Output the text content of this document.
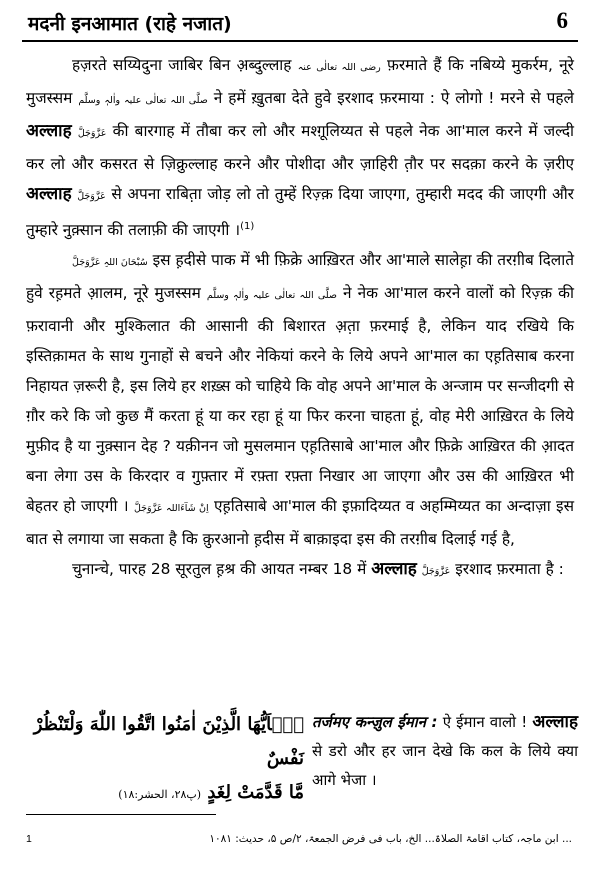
मदनी इनआमात (राहे नजात)	6

हज़रते सय्यिदुना जाबिर बिन अ़ब्दुल्लाह رضی اللہ تعالٰی عنہ फ़रमाते हैं कि नबिय्ये मुकर्रम, नूरे मुजस्सम صلَّی اللہ تعالٰی علیہ واٰلہٖ وسلَّم ने हमें ख़ुतबा देते हुवे इरशाद फ़रमाया : ऐ लोगो ! मरने से पहले अल्लाह عَزَّوَجَلَّ की बारगाह में तौबा कर लो और मश्ग़ूलिय्यत से पहले नेक आ'माल करने में जल्दी कर लो और कसरत से ज़िक्रुल्लाह करने और पोशीदा और ज़ाहिरी त़ौर पर सदक़ा करने के ज़रीए अल्लाह عَزَّوَجَلَّ से अपना राबित़ा जोड़ लो तो तुम्हें रिज़्क़ दिया जाएगा, तुम्हारी मदद की जाएगी और तुम्हारे नुक़्सान की तलाफ़ी की जाएगी ।$^{(1)}$

سُبْحَانَ اللہِ عَزَّوَجَلَّ इस ह़दीसे पाक में भी फ़िक्रे आख़िरत और आ'माले सालेह़ा की तरग़ीब दिलाते हुवे रह़मते आ़लम, नूरे मुजस्सम صلَّی اللہ تعالٰی علیہ واٰلہٖ وسلَّم ने नेक आ'माल करने वालों को रिज़्क़ की फ़रावानी और मुश्किलात की आसानी की बिशारत अ़त़ा फ़रमाई है, लेकिन याद रखिये कि इस्तिक़ामत के साथ गुनाहों से बचने और नेकियां करने के लिये अपने आ'माल का एह़तिसाब करना निहायत ज़रूरी है, इस लिये हर शख़्स को चाहिये कि वोह अपने आ'माल के अन्जाम पर सन्जीदगी से ग़ौर करे कि जो कुछ मैं करता हूं या कर रहा हूं या फिर करना चाहता हूं, वोह मेरी आख़िरत के लिये मुफ़ीद है या नुक़्सान देह ? यक़ीनन जो मुसलमान एह़तिसाबे आ'माल और फ़िक्रे आख़िरत की आ़दत बना लेगा उस के किरदार व गुफ़्तार में रफ़्ता रफ़्ता निखार आ जाएगा और उस की आख़िरत भी बेहतर हो जाएगी । اِنْ شَآءَاللہ عَزَّوَجَلَّ एह़तिसाबे आ'माल की इफ़ादिय्यत व अहम्मिय्यत का अन्दाज़ा इस बात से लगाया जा सकता है कि क़ुरआनो ह़दीस में बाक़ाइदा इस की तरग़ीब दिलाई गई है,

चुनान्चे, पारह 28 सूरतुल ह़श्र की आयत नम्बर 18 में अल्लाह عَزَّوَجَلَّ इरशाद फ़रमाता है :

يٰۤاَيُّهَا الَّذِيْنَ اٰمَنُوا اتَّقُوا اللّٰهَ وَلْتَنْظُرْ نَفْسٌ
مَّا قَدَّمَتْ لِغَدٍ (پ۲۸، الحشر:۱۸)
तर्जमए कन्ज़ुल ईमान : ऐ ईमान वालो ! अल्लाह से डरो और हर जान देखे कि कल के लिये क्या आगे भेजा ।
... ابن ماجہ، کتاب اقامۃ الصلاۃ... الخ، باب فی فرض الجمعۃ، ۲/ص ۵، حدیث: ۱۰۸۱
1
